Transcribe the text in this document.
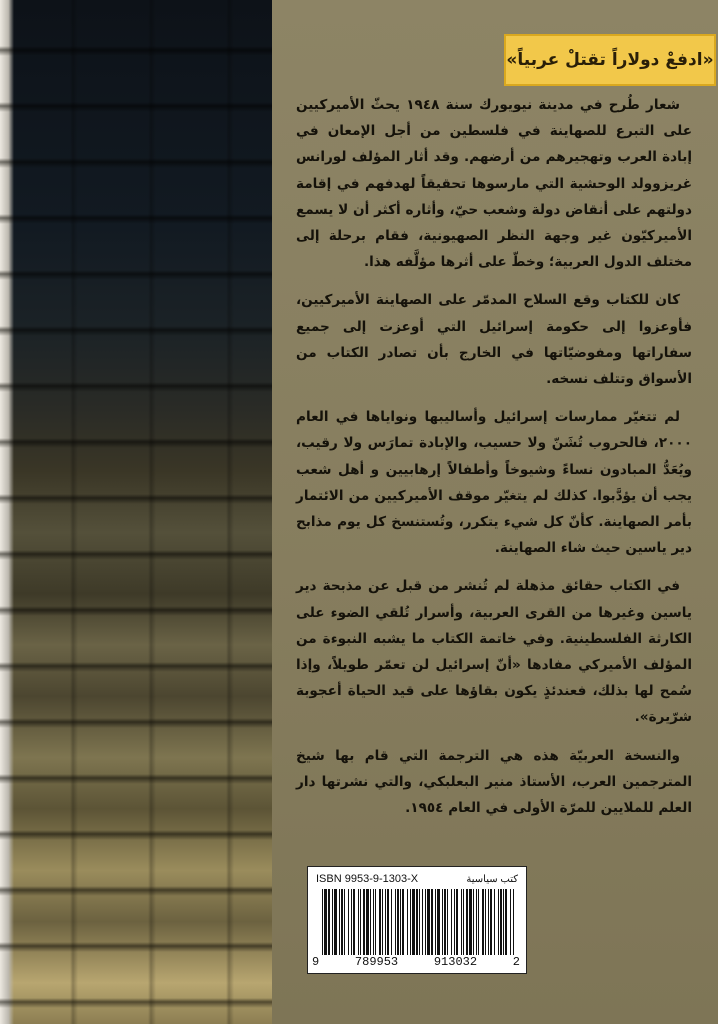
«ادفعْ دولاراً تقتلْ عربياً»

شعار طُرح في مدينة نيويورك سنة ١٩٤٨ يحثّ الأميركيين على التبرع للصهاينة في فلسطين من أجل الإمعان في إبادة العرب وتهجيرهم من أرضهم. وقد أثار المؤلف لورانس غريزوولد الوحشية التي مارسوها تحقيقاً لهدفهم في إقامة دولتهم على أنقاض دولة وشعب حيّ، وأثاره أكثر أن لا يسمع الأميركيّون غير وجهة النظر الصهيونية، فقام برحلة إلى مختلف الدول العربية؛ وخطّ على أثرها مؤلَّفه هذا.

كان للكتاب وقع السلاح المدمّر على الصهاينة الأميركيين، فأوعزوا إلى حكومة إسرائيل التي أوعزت إلى جميع سفاراتها ومفوضيّاتها في الخارج بأن تصادر الكتاب من الأسواق وتتلف نسخه.

لم تتغيّر ممارسات إسرائيل وأساليبها ونواياها في العام ٢٠٠٠، فالحروب تُشَنّ ولا حسيب، والإبادة تمارَس ولا رقيب، ويُعَدُّ المبادون نساءً وشيوخاً وأطفالاً إرهابيين و أهل شعب يجب أن يؤدَّبوا. كذلك لم يتغيّر موقف الأميركيين من الائتمار بأمر الصهاينة. كأنّ كل شيء يتكرر، وتُستنسخ كل يوم مذابح دير ياسين حيث شاء الصهاينة.

في الكتاب حقائق مذهلة لم تُنشر من قبل عن مذبحة دير ياسين وغيرها من القرى العربية، وأسرار تُلقي الضوء على الكارثة الفلسطينية. وفي خاتمة الكتاب ما يشبه النبوءة من المؤلف الأميركي مفادها «أنّ إسرائيل لن تعمّر طويلاً، وإذا سُمح لها بذلك، فعندئذٍ يكون بقاؤها على قيد الحياة أعجوبة شرّيرة».

والنسخة العربيّة هذه هي الترجمة التي قام بها شيخ المترجمين العرب، الأستاذ منير البعلبكي، والتي نشرتها دار العلم للملايين للمرّة الأولى في العام ١٩٥٤.

ISBN 9953-9-1303-X	كتب سياسية
9	789953	913032	2
